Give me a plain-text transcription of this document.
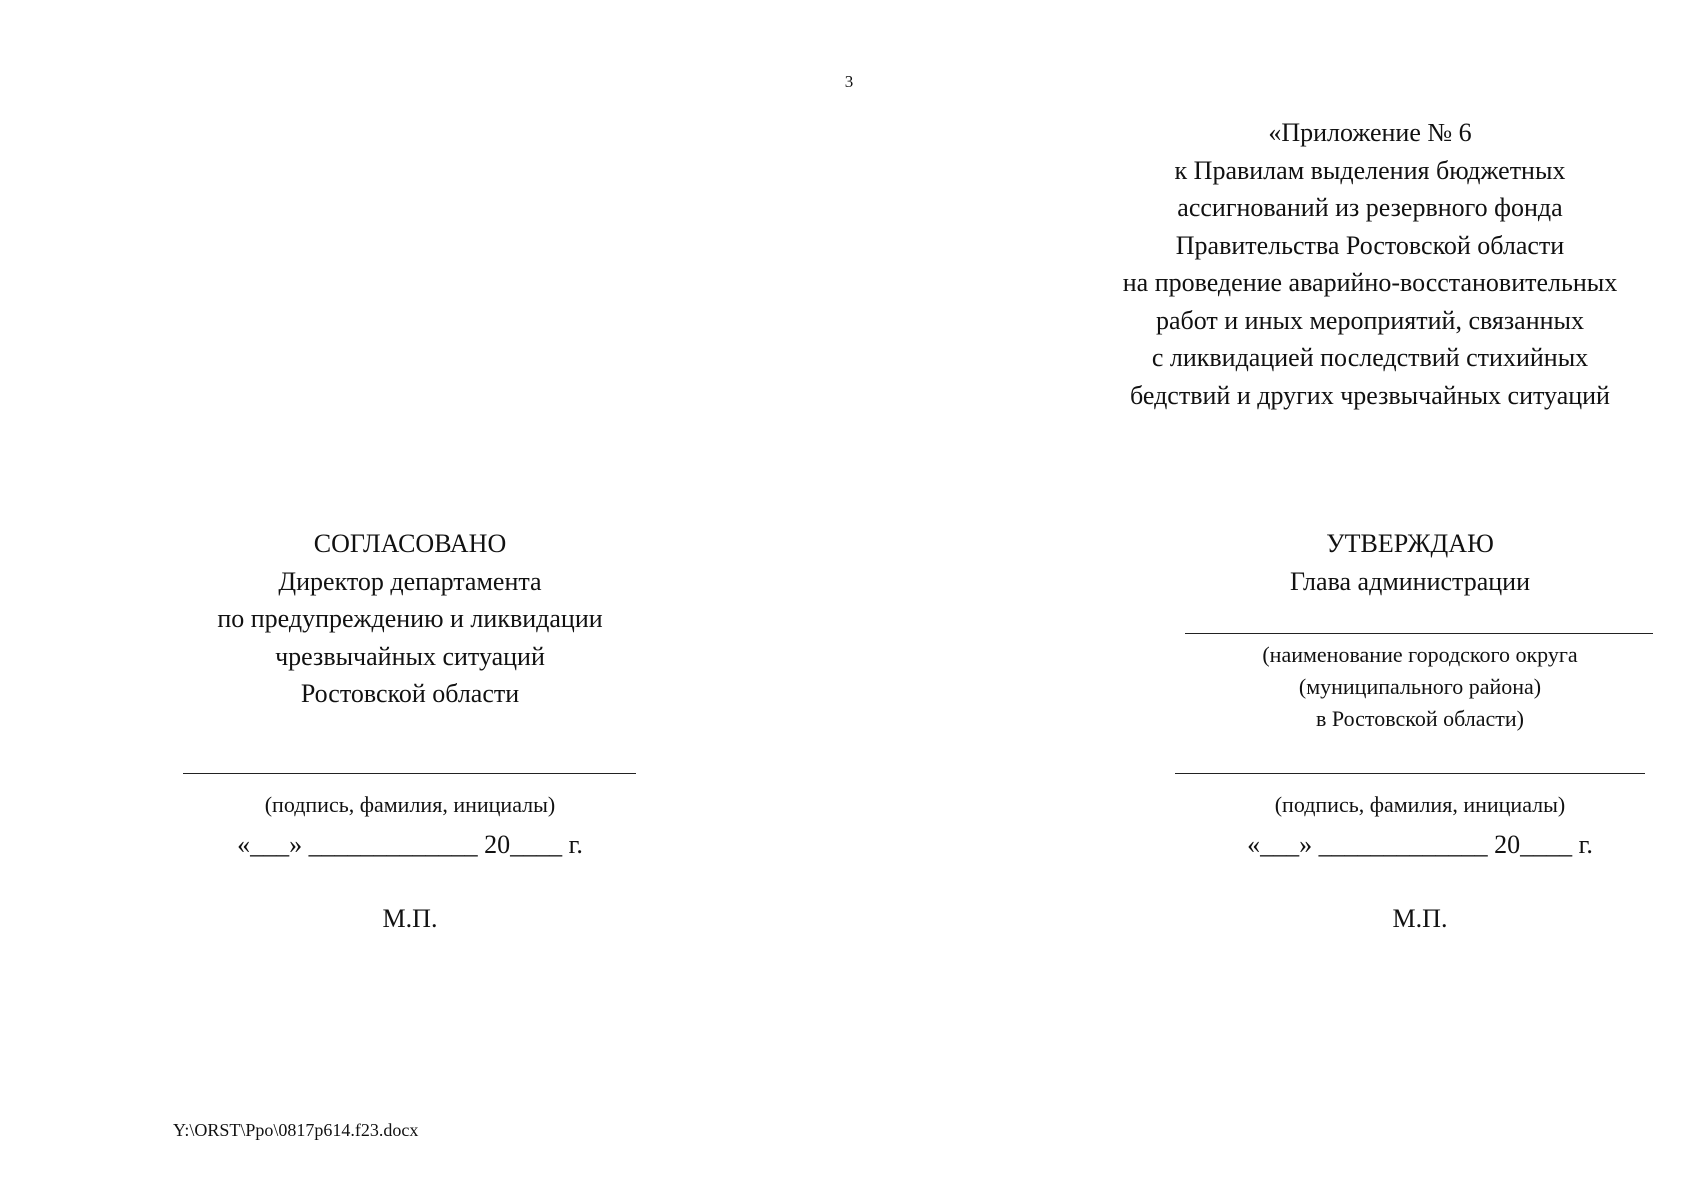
3
«Приложение № 6
к Правилам выделения бюджетных
ассигнований из резервного фонда
Правительства Ростовской области
на проведение аварийно-восстановительных
работ и иных мероприятий, связанных
с ликвидацией последствий стихийных
бедствий и других чрезвычайных ситуаций
СОГЛАСОВАНО
Директор департамента
по предупреждению и ликвидации
чрезвычайных ситуаций
Ростовской области
(подпись, фамилия, инициалы)
«___» _____________ 20____ г.
М.П.
УТВЕРЖДАЮ
Глава администрации
(наименование городского округа
(муниципального района)
в Ростовской области)
(подпись, фамилия, инициалы)
«___» _____________ 20____ г.
М.П.
Y:\ORST\Ppo\0817p614.f23.docx
